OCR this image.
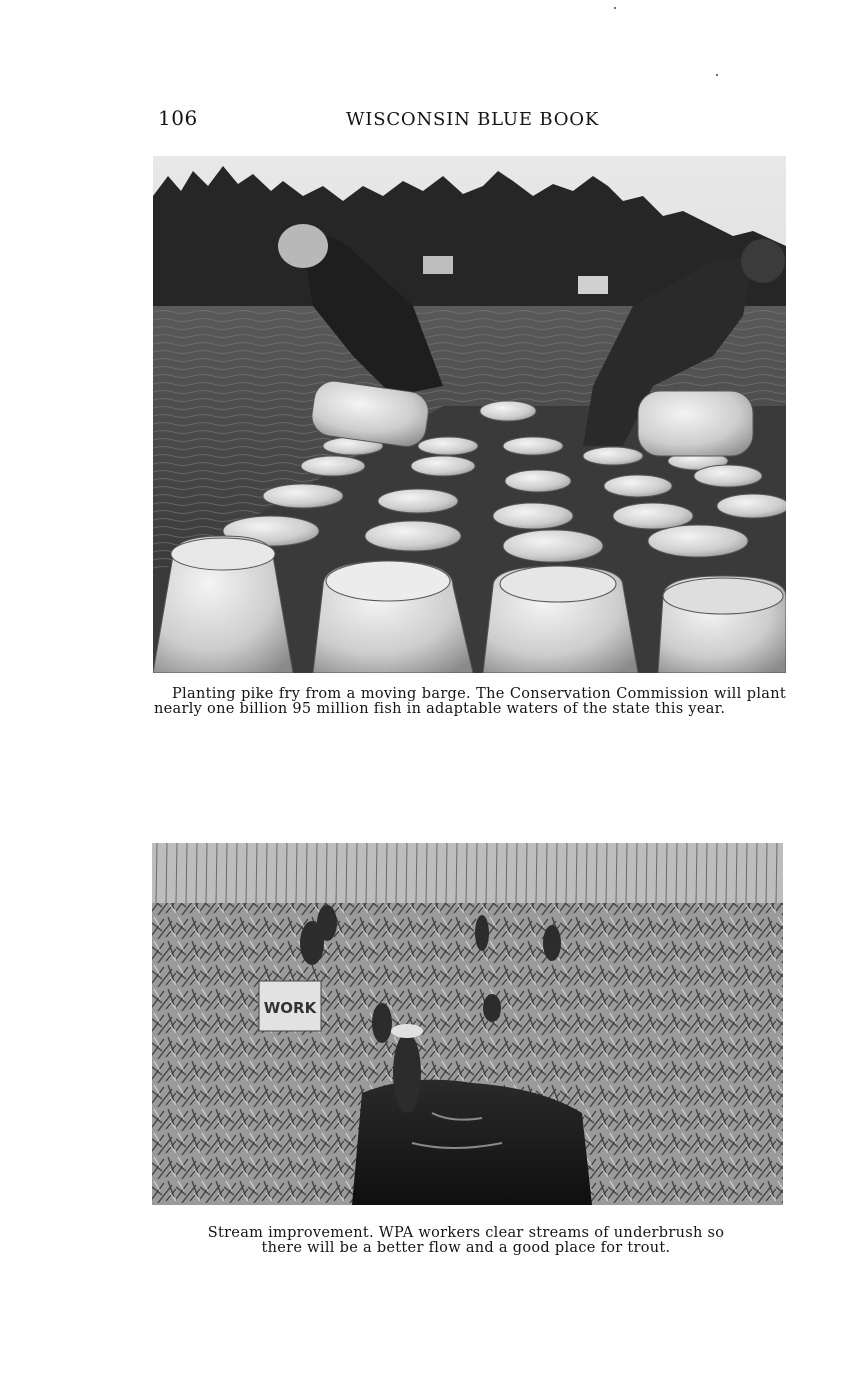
106	WISCONSIN BLUE BOOK

Planting pike fry from a moving barge. The Conservation Commission will plant nearly one billion 95 million fish in adaptable waters of the state this year.

WORK

Stream improvement. WPA workers clear streams of underbrush so
there will be a better flow and a good place for trout.
